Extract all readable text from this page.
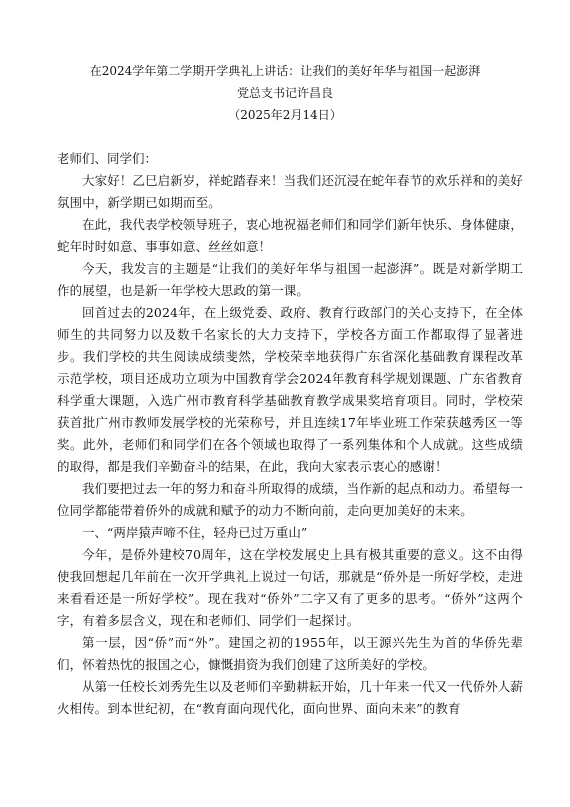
在2024学年第二学期开学典礼上讲话：让我们的美好年华与祖国一起澎湃
党总支书记许昌良
（2025年2月14日）

老师们、同学们：

大家好！乙巳启新岁，祥蛇踏春来！当我们还沉浸在蛇年春节的欢乐祥和的美好氛围中，新学期已如期而至。

在此，我代表学校领导班子，衷心地祝福老师们和同学们新年快乐、身体健康，蛇年时时如意、事事如意、丝丝如意！

今天，我发言的主题是“让我们的美好年华与祖国一起澎湃”。既是对新学期工作的展望，也是新一年学校大思政的第一课。

回首过去的2024年，在上级党委、政府、教育行政部门的关心支持下，在全体师生的共同努力以及数千名家长的大力支持下，学校各方面工作都取得了显著进步。我们学校的共生阅读成绩斐然，学校荣幸地获得广东省深化基础教育课程改革示范学校，项目还成功立项为中国教育学会2024年教育科学规划课题、广东省教育科学重大课题，入选广州市教育科学基础教育教学成果奖培育项目。同时，学校荣获首批广州市教师发展学校的光荣称号，并且连续17年毕业班工作荣获越秀区一等奖。此外，老师们和同学们在各个领域也取得了一系列集体和个人成就。这些成绩的取得，都是我们辛勤奋斗的结果，在此，我向大家表示衷心的感谢！

我们要把过去一年的努力和奋斗所取得的成绩，当作新的起点和动力。希望每一位同学都能带着侨外的成就和赋予的动力不断向前，走向更加美好的未来。

一、“两岸猿声啼不住，轻舟已过万重山”

今年，是侨外建校70周年，这在学校发展史上具有极其重要的意义。这不由得使我回想起几年前在一次开学典礼上说过一句话，那就是“侨外是一所好学校，走进来看看还是一所好学校”。现在我对“侨外”二字又有了更多的思考。“侨外”这两个字，有着多层含义，现在和老师们、同学们一起探讨。

第一层，因“侨”而“外”。建国之初的1955年，以王源兴先生为首的华侨先辈们，怀着热忱的报国之心，慷慨捐资为我们创建了这所美好的学校。

从第一任校长刘秀先生以及老师们辛勤耕耘开始，几十年来一代又一代侨外人薪火相传。到本世纪初，在“教育面向现代化，面向世界、面向未来”的教育
